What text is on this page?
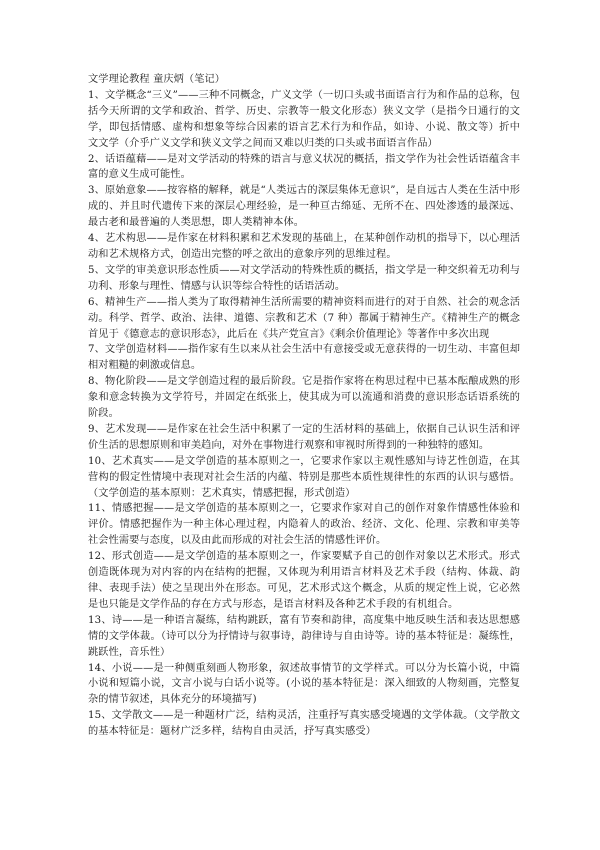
文学理论教程 童庆炳（笔记）

1、文学概念“三义”——三种不同概念，广义文学（一切口头或书面语言行为和作品的总称，包括今天所谓的文学和政治、哲学、历史、宗教等一般文化形态）狭义文学（是指今日通行的文学，即包括情感、虚构和想象等综合因素的语言艺术行为和作品，如诗、小说、散文等）折中文文学（介乎广义文学和狭义文学之间而又难以归类的口头或书面语言作品）

2、话语蕴藉——是对文学活动的特殊的语言与意义状况的概括，指文学作为社会性话语蕴含丰富的意义生成可能性。

3、原始意象——按容格的解释，就是“人类远古的深层集体无意识”，是自远古人类在生活中形成的、并且时代遗传下来的深层心理经验，是一种亘古绵延、无所不在、四处渗透的最深远、最古老和最普遍的人类思想，即人类精神本体。

4、艺术构思——是作家在材料积累和艺术发现的基础上，在某种创作动机的指导下，以心理活动和艺术规格方式，创造出完整的呼之欲出的意象序列的思维过程。

5、文学的审美意识形态性质——对文学活动的特殊性质的概括，指文学是一种交织着无功利与功利、形象与理性、情感与认识等综合特性的话语活动。

6、精神生产——指人类为了取得精神生活所需要的精神资料而进行的对于自然、社会的观念活动。科学、哲学、政治、法律、道德、宗教和艺术（7 种）都属于精神生产。《精神生产的概念首见于《德意志的意识形态》，此后在《共产党宣言》《剩余价值理论》等著作中多次出现

7、文学创造材料——指作家有生以来从社会生活中有意接受或无意获得的一切生动、丰富但却相对粗糙的刺激或信息。

8、物化阶段——是文学创造过程的最后阶段。它是指作家将在构思过程中已基本酝酿成熟的形象和意念转换为文学符号，并固定在纸张上，使其成为可以流通和消费的意识形态话语系统的阶段。

9、艺术发现——是作家在社会生活中积累了一定的生活材料的基础上，依据自己认识生活和评价生活的思想原则和审美趋向，对外在事物进行观察和审视时所得到的一种独特的感知。

10、艺术真实——是文学创造的基本原则之一，它要求作家以主观性感知与诗艺性创造，在其营构的假定性情境中表现对社会生活的内蕴、特别是那些本质性规律性的东西的认识与感悟。（文学创造的基本原则：艺术真实，情感把握，形式创造）

11、情感把握——是文学创造的基本原则之一，它要求作家对自己的创作对象作情感性体验和评价。情感把握作为一种主体心理过程，内隐着人的政治、经济、文化、伦理、宗教和审美等社会性需要与态度，以及由此而形成的对社会生活的情感性评价。

12、形式创造——是文学创造的基本原则之一，作家要赋予自己的创作对象以艺术形式。形式创造既体现为对内容的内在结构的把握，又体现为利用语言材料及艺术手段（结构、体裁、韵律、表现手法）使之呈现出外在形态。可见，艺术形式这个概念，从质的规定性上说，它必然是也只能是文学作品的存在方式与形态，是语言材料及各种艺术手段的有机组合。

13、诗——是一种语言凝练，结构跳跃，富有节奏和韵律，高度集中地反映生活和表达思想感情的文学体裁。（诗可以分为抒情诗与叙事诗，韵律诗与自由诗等。诗的基本特征是：凝练性，跳跃性，音乐性）

14、小说——是一种侧重刻画人物形象，叙述故事情节的文学样式。可以分为长篇小说，中篇小说和短篇小说，文言小说与白话小说等。(小说的基本特征是：深入细致的人物刻画，完整复杂的情节叙述，具体充分的环境描写)

15、文学散文——是一种题材广泛，结构灵活，注重抒写真实感受境遇的文学体裁。（文学散文的基本特征是：题材广泛多样，结构自由灵活，抒写真实感受）
